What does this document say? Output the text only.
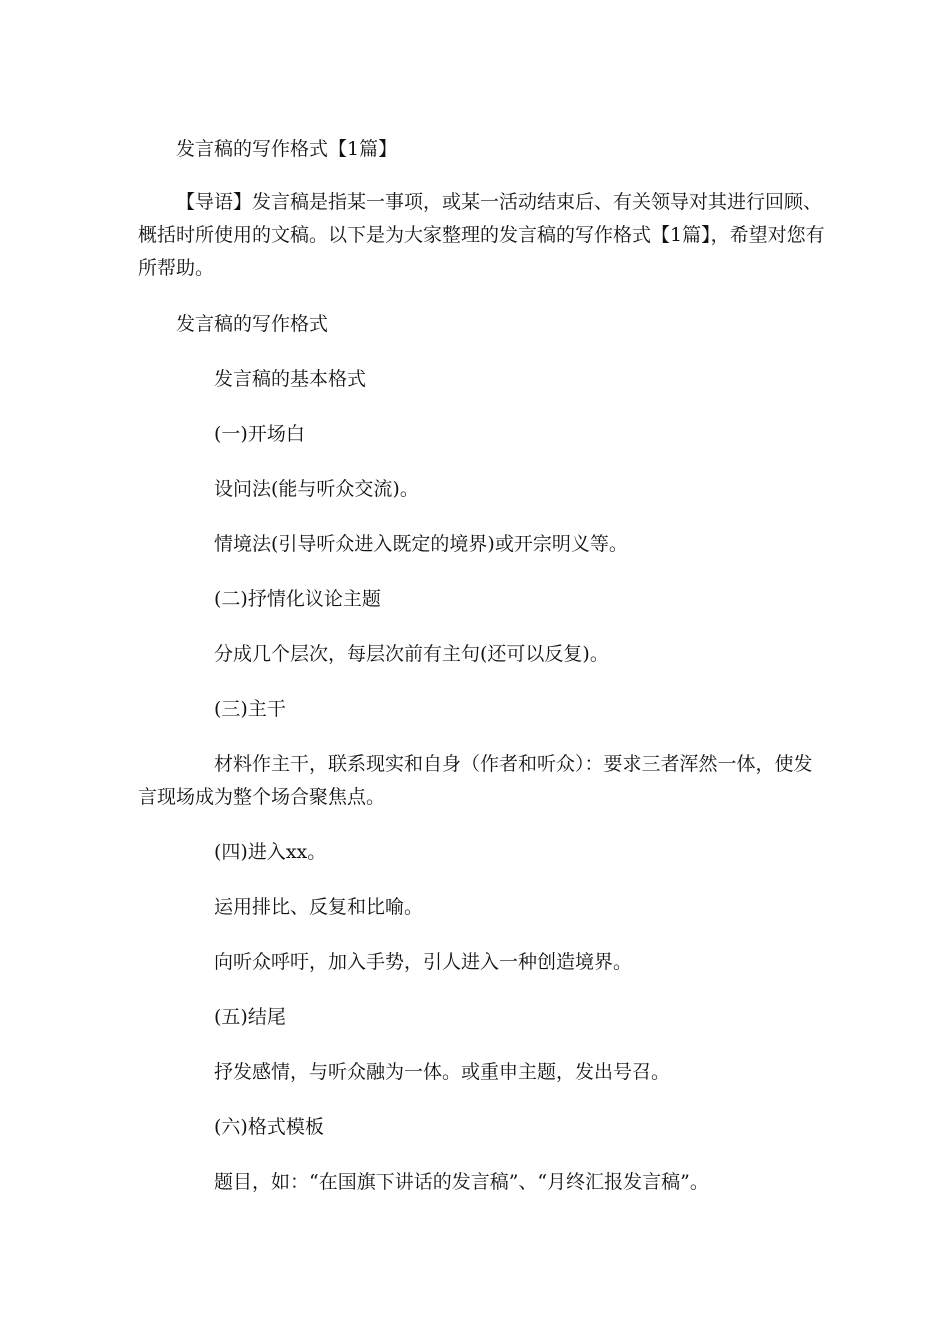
发言稿的写作格式【1篇】

【导语】发言稿是指某一事项，或某一活动结束后、有关领导对其进行回顾、概括时所使用的文稿。以下是为大家整理的发言稿的写作格式【1篇】，希望对您有所帮助。

发言稿的写作格式

发言稿的基本格式

(一)开场白

设问法(能与听众交流)。

情境法(引导听众进入既定的境界)或开宗明义等。

(二)抒情化议论主题

分成几个层次，每层次前有主句(还可以反复)。

(三)主干

材料作主干，联系现实和自身（作者和听众）：要求三者浑然一体，使发言现场成为整个场合聚焦点。

(四)进入xx。

运用排比、反复和比喻。

向听众呼吁，加入手势，引人进入一种创造境界。

(五)结尾

抒发感情，与听众融为一体。或重申主题，发出号召。

(六)格式模板

题目，如：“在国旗下讲话的发言稿”、“月终汇报发言稿”。
